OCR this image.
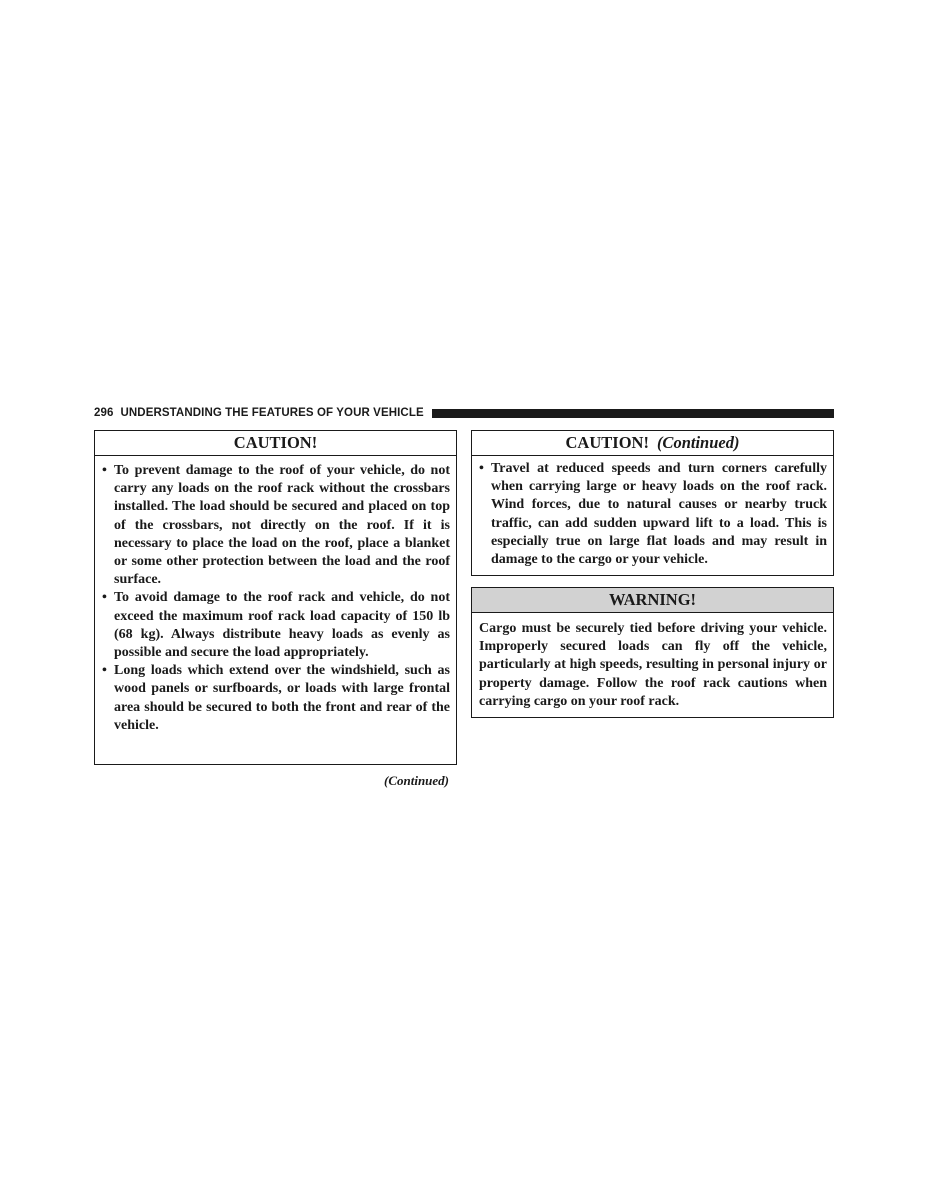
296 UNDERSTANDING THE FEATURES OF YOUR VEHICLE
CAUTION!
• To prevent damage to the roof of your vehicle, do not carry any loads on the roof rack without the crossbars installed. The load should be secured and placed on top of the crossbars, not directly on the roof. If it is necessary to place the load on the roof, place a blanket or some other protection between the load and the roof surface.
• To avoid damage to the roof rack and vehicle, do not exceed the maximum roof rack load capacity of 150 lb (68 kg). Always distribute heavy loads as evenly as possible and secure the load appropriately.
• Long loads which extend over the windshield, such as wood panels or surfboards, or loads with large frontal area should be secured to both the front and rear of the vehicle.
(Continued)
CAUTION! (Continued)
• Travel at reduced speeds and turn corners carefully when carrying large or heavy loads on the roof rack. Wind forces, due to natural causes or nearby truck traffic, can add sudden upward lift to a load. This is especially true on large flat loads and may result in damage to the cargo or your vehicle.
WARNING!

Cargo must be securely tied before driving your vehicle. Improperly secured loads can fly off the vehicle, particularly at high speeds, resulting in personal injury or property damage. Follow the roof rack cautions when carrying cargo on your roof rack.
